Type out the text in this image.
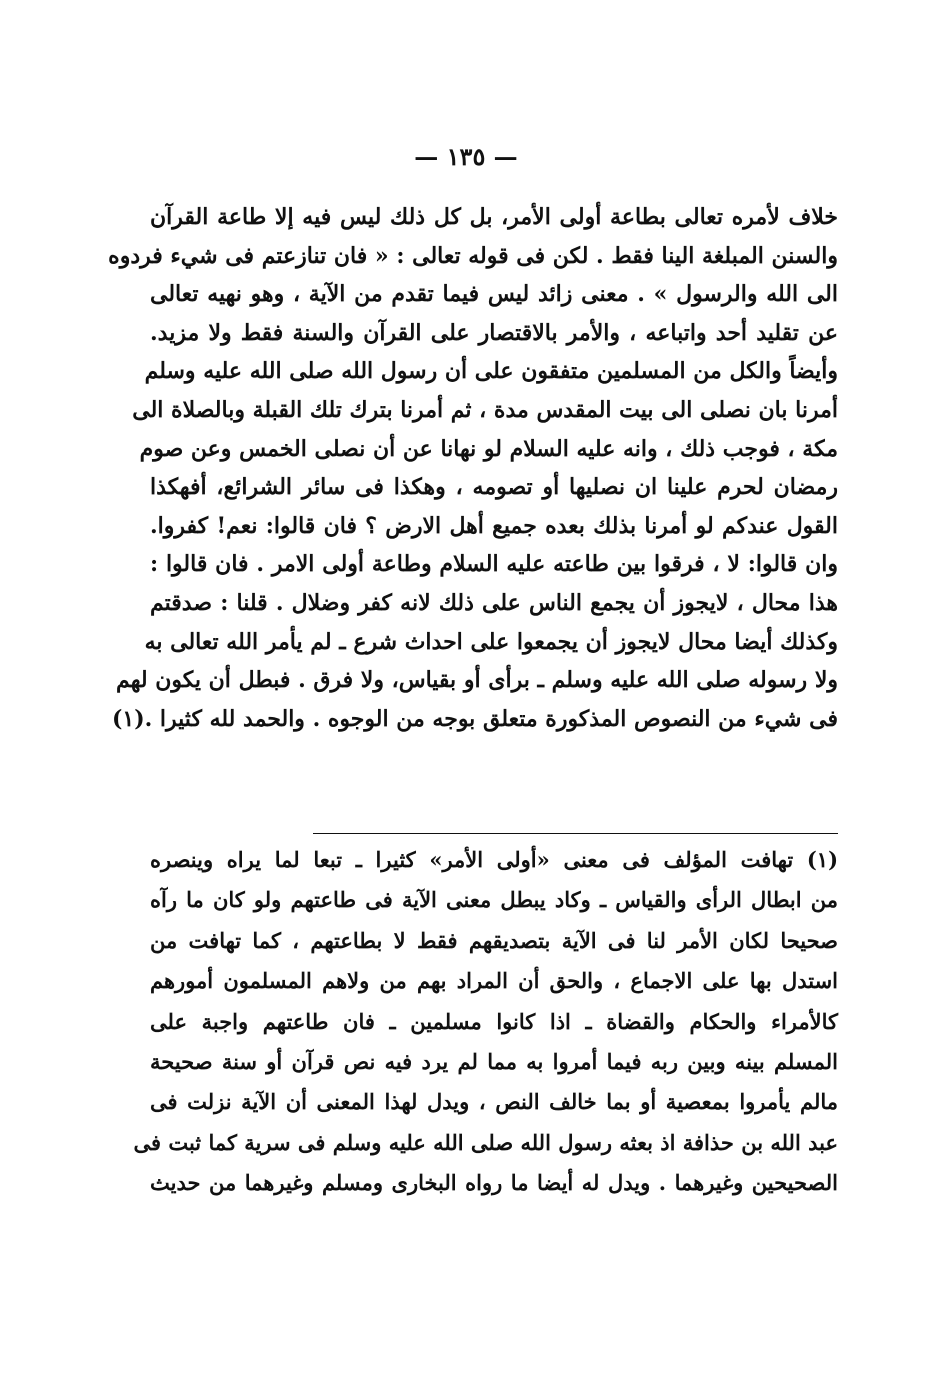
— ١٣٥ —
خلاف لأمره تعالى بطاعة أولى الأمر، بل كل ذلك ليس فيه إلا طاعة القرآن
والسنن المبلغة الينا فقط . لكن فى قوله تعالى : « فان تنازعتم فى شيء فردوه
الى الله والرسول » . معنى زائد ليس فيما تقدم من الآية ، وهو نهيه تعالى
عن تقليد أحد واتباعه ، والأمر بالاقتصار على القرآن والسنة فقط ولا مزيد.
وأيضاً والكل من المسلمين متفقون على أن رسول الله صلى الله عليه وسلم
أمرنا بان نصلى الى بيت المقدس مدة ، ثم أمرنا بترك تلك القبلة وبالصلاة الى
مكة ، فوجب ذلك ، وانه عليه السلام لو نهانا عن أن نصلى الخمس وعن صوم
رمضان لحرم علينا ان نصليها أو تصومه ، وهكذا فى سائر الشرائع، أفهكذا
القول عندكم لو أمرنا بذلك بعده جميع أهل الارض ؟ فان قالوا: نعم! كفروا.
وان قالوا: لا ، فرقوا بين طاعته عليه السلام وطاعة أولى الامر . فان قالوا :
هذا محال ، لايجوز أن يجمع الناس على ذلك لانه كفر وضلال . قلنا : صدقتم
وكذلك أيضا محال لايجوز أن يجمعوا على احداث شرع ـ لم يأمر الله تعالى به
ولا رسوله صلى الله عليه وسلم ـ برأى أو بقياس، ولا فرق . فبطل أن يكون لهم
فى شيء من النصوص المذكورة متعلق بوجه من الوجوه . والحمد لله كثيرا .(١)
(١) تهافت المؤلف فى معنى «أولى الأمر» كثيرا ـ تبعا لما يراه وينصره
من ابطال الرأى والقياس ـ وكاد يبطل معنى الآية فى طاعتهم ولو كان ما رآه
صحيحا لكان الأمر لنا فى الآية بتصديقهم فقط لا بطاعتهم ، كما تهافت من
استدل بها على الاجماع ، والحق أن المراد بهم من ولاهم المسلمون أمورهم
كالأمراء والحكام والقضاة ـ اذا كانوا مسلمين ـ فان طاعتهم واجبة على
المسلم بينه وبين ربه فيما أمروا به مما لم يرد فيه نص قرآن أو سنة صحيحة
مالم يأمروا بمعصية أو بما خالف النص ، ويدل لهذا المعنى أن الآية نزلت فى
عبد الله بن حذافة اذ بعثه رسول الله صلى الله عليه وسلم فى سرية كما ثبت فى
الصحيحين وغيرهما . ويدل له أيضا ما رواه البخارى ومسلم وغيرهما من حديث
